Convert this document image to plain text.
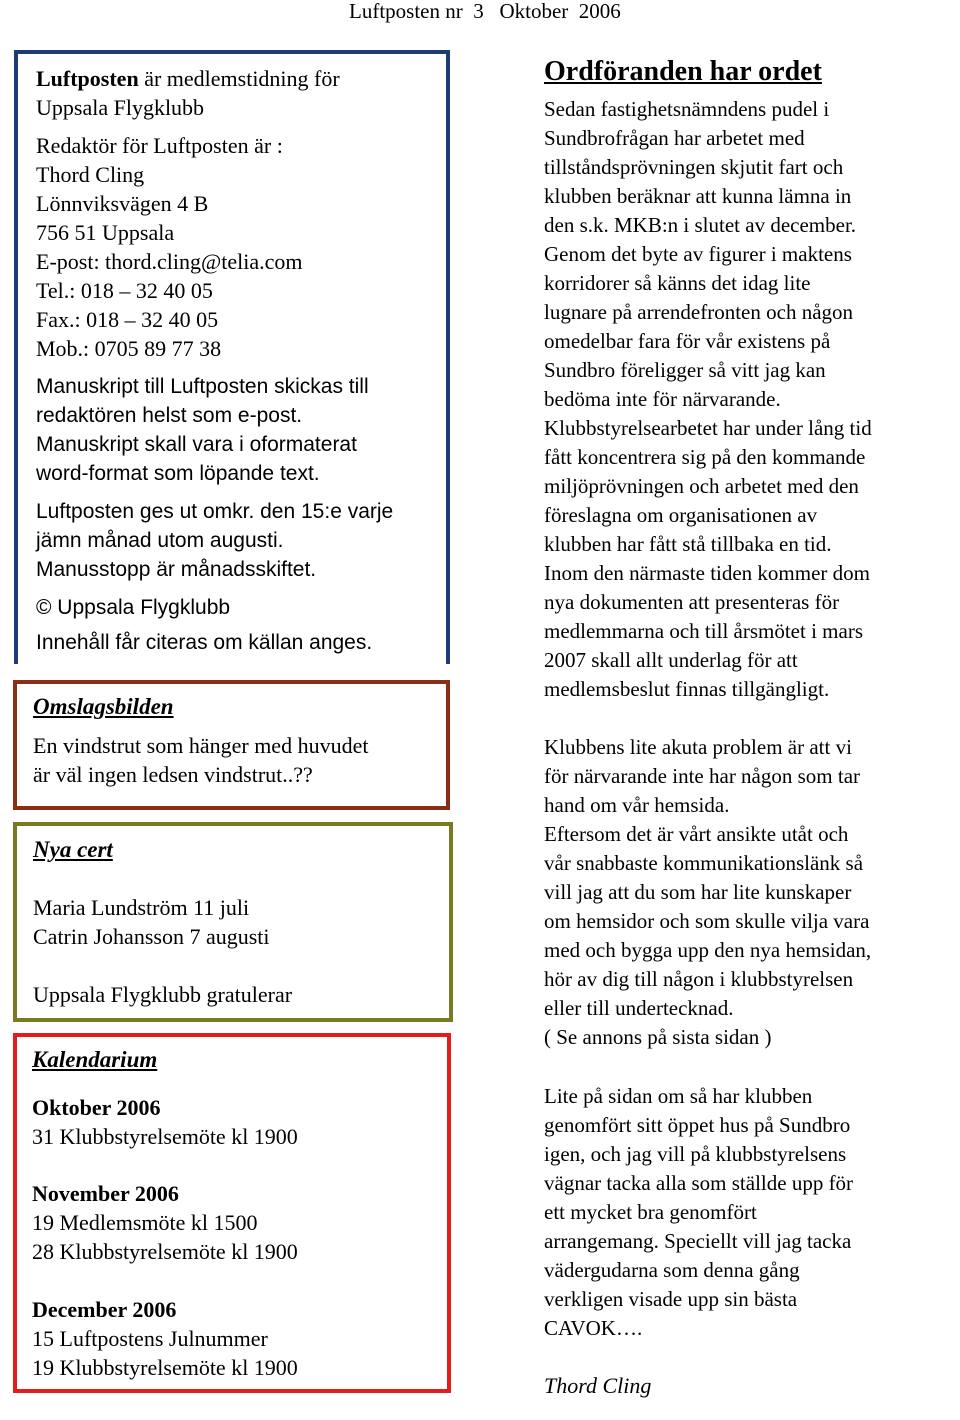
Luftposten nr  3   Oktober  2006
Luftposten är medlemstidning för
Uppsala Flygklubb
Redaktör för Luftposten är :
Thord Cling
Lönnviksvägen 4 B
756 51 Uppsala
E-post: thord.cling@telia.com
Tel.: 018 – 32 40 05
Fax.: 018 – 32 40 05
Mob.: 0705 89 77 38
Manuskript till Luftposten skickas till
redaktören helst som e-post.
Manuskript skall vara i oformaterat
word-format som löpande text.
Luftposten ges ut omkr. den 15:e varje
jämn månad utom augusti.
Manusstopp är månadsskiftet.
© Uppsala Flygklubb
Innehåll får citeras om källan anges.
Omslagsbilden
En vindstrut som hänger med huvudet
är väl ingen ledsen vindstrut..??
Nya cert
Maria Lundström 11 juli
Catrin Johansson 7 augusti
Uppsala Flygklubb gratulerar
Kalendarium
Oktober 2006
31 Klubbstyrelsemöte kl 1900
November 2006
19 Medlemsmöte kl 1500
28 Klubbstyrelsemöte kl 1900
December 2006
15 Luftpostens Julnummer
19 Klubbstyrelsemöte kl 1900
Ordföranden har ordet
Sedan fastighetsnämndens pudel i
Sundbrofrågan har arbetet med
tillståndsprövningen skjutit fart och
klubben beräknar att kunna lämna in
den s.k. MKB:n i slutet av december.
Genom det byte av figurer i maktens
korridorer så känns det idag lite
lugnare på arrendefronten och någon
omedelbar fara för vår existens på
Sundbro föreligger så vitt jag kan
bedöma inte för närvarande.
Klubbstyrelsearbetet har under lång tid
fått koncentrera sig på den kommande
miljöprövningen och arbetet med den
föreslagna om organisationen av
klubben har fått stå tillbaka en tid.
Inom den närmaste tiden kommer dom
nya dokumenten att presenteras för
medlemmarna och till årsmötet i mars
2007 skall allt underlag för att
medlemsbeslut finnas tillgängligt.
Klubbens lite akuta problem är att vi
för närvarande inte har någon som tar
hand om vår hemsida.
Eftersom det är vårt ansikte utåt och
vår snabbaste kommunikationslänk så
vill jag att du som har lite kunskaper
om hemsidor och som skulle vilja vara
med och bygga upp den nya hemsidan,
hör av dig till någon i klubbstyrelsen
eller till undertecknad.
( Se annons på sista sidan )
Lite på sidan om så har klubben
genomfört sitt öppet hus på Sundbro
igen, och jag vill på klubbstyrelsens
vägnar tacka alla som ställde upp för
ett mycket bra genomfört
arrangemang. Speciellt vill jag tacka
vädergudarna som denna gång
verkligen visade upp sin bästa
CAVOK….
Thord Cling
